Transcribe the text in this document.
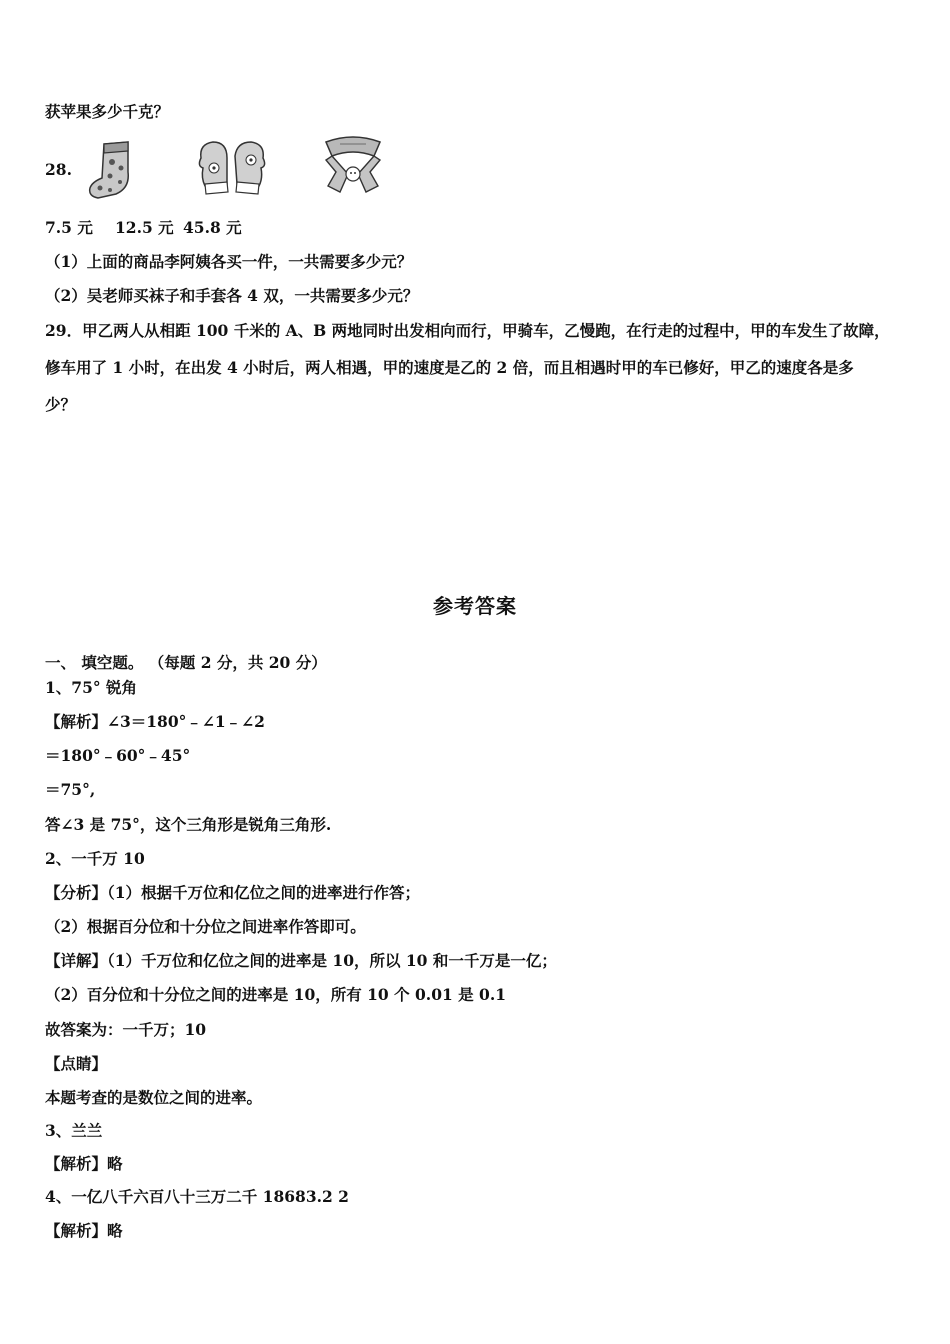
获苹果多少千克？
28.
7.5 元 12.5 元 45.8 元
（1）上面的商品李阿姨各买一件，一共需要多少元？
（2）吴老师买袜子和手套各 4 双，一共需要多少元？
29．甲乙两人从相距 100 千米的 A、B 两地同时出发相向而行，甲骑车，乙慢跑，在行走的过程中，甲的车发生了故障，
修车用了 1 小时，在出发 4 小时后，两人相遇，甲的速度是乙的 2 倍，而且相遇时甲的车已修好，甲乙的速度各是多
少？
参考答案
一、 填空题。 （每题 2 分，共 20 分）
1、75° 锐角
【解析】∠3＝180°﹣∠1﹣∠2
＝180°﹣60°﹣45°
＝75°,
答∠3 是 75°，这个三角形是锐角三角形.
2、一千万 10
【分析】（1）根据千万位和亿位之间的进率进行作答；
（2）根据百分位和十分位之间进率作答即可。
【详解】（1）千万位和亿位之间的进率是 10，所以 10 和一千万是一亿；
（2）百分位和十分位之间的进率是 10，所有 10 个 0.01 是 0.1
故答案为：一千万；10
【点睛】
本题考查的是数位之间的进率。
3、兰兰
【解析】略
4、一亿八千六百八十三万二千 18683.2 2
【解析】略
